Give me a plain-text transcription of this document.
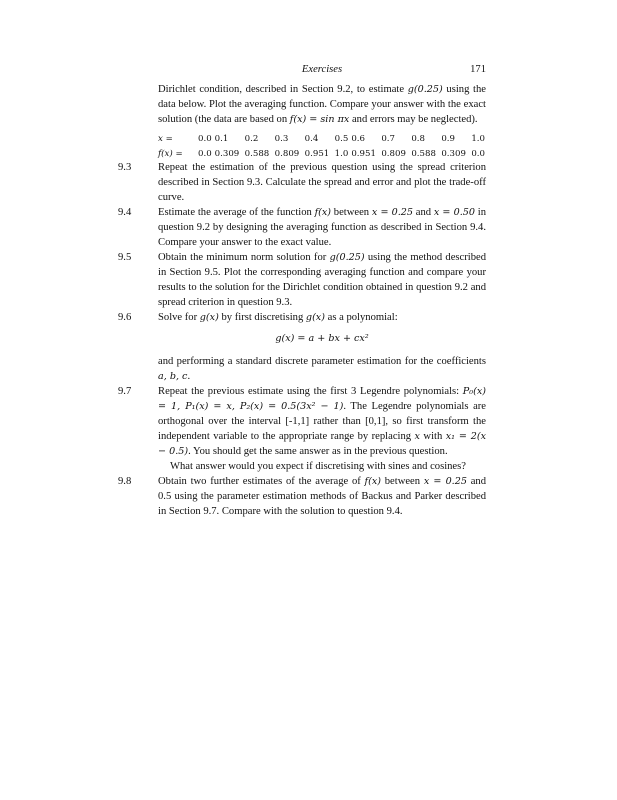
Exercises	171
Dirichlet condition, described in Section 9.2, to estimate g(0.25) using the data below. Plot the averaging function. Compare your answer with the exact solution (the data are based on f(x) = sin πx and errors may be neglected).
x =	0.0	0.1	0.2	0.3	0.4	0.5	0.6	0.7	0.8	0.9	1.0
f(x) =	0.0	0.309	0.588	0.809	0.951	1.0	0.951	0.809	0.588	0.309	0.0
9.3	Repeat the estimation of the previous question using the spread criterion described in Section 9.3. Calculate the spread and error and plot the trade-off curve.
9.4	Estimate the average of the function f(x) between x = 0.25 and x = 0.50 in question 9.2 by designing the averaging function as described in Section 9.4. Compare your answer to the exact value.
9.5	Obtain the minimum norm solution for g(0.25) using the method described in Section 9.5. Plot the corresponding averaging function and compare your results to the solution for the Dirichlet condition obtained in question 9.2 and spread criterion in question 9.3.
9.6	Solve for g(x) by first discretising g(x) as a polynomial:
g(x) = a + bx + cx²
and performing a standard discrete parameter estimation for the coefficients a, b, c.
9.7	Repeat the previous estimate using the first 3 Legendre polynomials: P₀(x) = 1, P₁(x) = x, P₂(x) = 0.5(3x² − 1). The Legendre polynomials are orthogonal over the interval [-1,1] rather than [0,1], so first transform the independent variable to the appropriate range by replacing x with x₁ = 2(x − 0.5). You should get the same answer as in the previous question.
What answer would you expect if discretising with sines and cosines?
9.8	Obtain two further estimates of the average of f(x) between x = 0.25 and 0.5 using the parameter estimation methods of Backus and Parker described in Section 9.7. Compare with the solution to question 9.4.
